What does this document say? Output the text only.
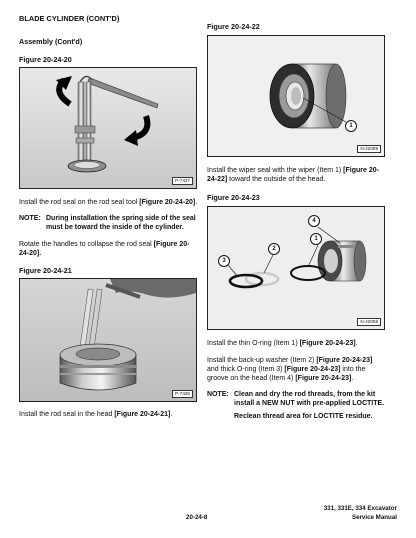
BLADE CYLINDER (CONT'D)
Assembly (Cont'd)
Figure 20-24-20
P-7427
Install the rod seal on the rod seal tool [Figure 20-24-20].
NOTE: During installation the spring side of the seal
must be toward the inside of the cylinder.
Rotate the handles to collapse the rod seal [Figure 20-
24-20].
Figure 20-24-21
P-7425
Install the rod seal in the head [Figure 20-24-21].
Figure 20-24-22
1
N-22059
Install the wiper seal with the wiper (Item 1) [Figure 20-
24-22] toward the outside of the head.
Figure 20-24-23
4
1
2
3
N-22058
Install the thin O-ring (Item 1) [Figure 20-24-23].
Install the back-up washer (Item 2) [Figure 20-24-23]
and thick O-ring (Item 3) [Figure 20-24-23] into the
groove on the head (Item 4) [Figure 20-24-23].
NOTE: Clean and dry the rod threads, from the kit
install a NEW NUT with pre-applied LOCTITE.
Reclean thread area for LOCTITE residue.
20-24-8
331, 331E, 334 Excavator
Service Manual
